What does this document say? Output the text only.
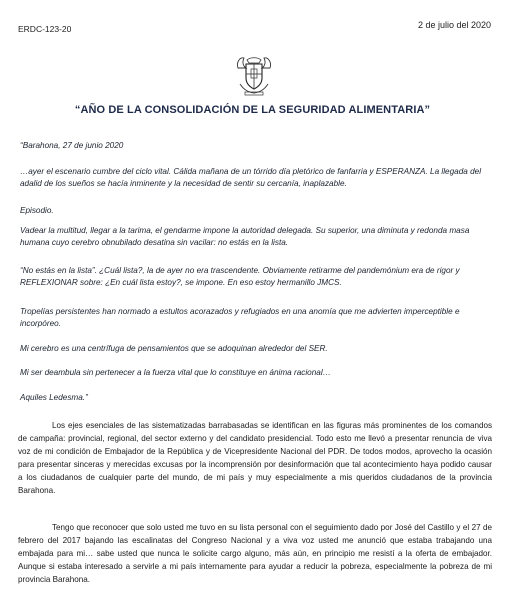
ERDC-123-20	2 de julio del 2020
“AÑO DE LA CONSOLIDACIÓN DE LA SEGURIDAD ALIMENTARIA”

“Barahona, 27 de junio 2020

…ayer el escenario cumbre del ciclo vital. Cálida mañana de un tórrido día pletórico de fanfarria y ESPERANZA. La llegada del adalid de los sueños se hacía inminente y la necesidad de sentir su cercanía, inaplazable.

Episodio.

Vadear la multitud, llegar a la tarima, el gendarme impone la autoridad delegada. Su superior, una diminuta y redonda masa humana cuyo cerebro obnubilado desatina sin vacilar: no estás en la lista.

“No estás en la lista”. ¿Cuál lista?, la de ayer no era trascendente. Obviamente retirarme del pandemónium era de rigor y REFLEXIONAR sobre: ¿En cuál lista estoy?, se impone. En eso estoy hermanillo JMCS.

Tropelías persistentes han normado a estultos acorazados y refugiados en una anomía que me advierten imperceptible e incorpóreo.

Mi cerebro es una centrífuga de pensamientos que se adoquinan alrededor del SER.

Mi ser deambula sin pertenecer a la fuerza vital que lo constituye en ánima racional…

Aquiles Ledesma.”

Los ejes esenciales de las sistematizadas barrabasadas se identifican en las figuras más prominentes de los comandos de campaña: provincial, regional, del sector externo y del candidato presidencial. Todo esto me llevó a presentar renuncia de viva voz de mi condición de Embajador de la República y de Vicepresidente Nacional del PDR. De todos modos, aprovecho la ocasión para presentar sinceras y merecidas excusas por la incomprensión por desinformación que tal acontecimiento haya podido causar a los ciudadanos de cualquier parte del mundo, de mi país y muy especialmente a mis queridos ciudadanos de la provincia Barahona.

Tengo que reconocer que solo usted me tuvo en su lista personal con el seguimiento dado por José del Castillo y el 27 de febrero del 2017 bajando las escalinatas del Congreso Nacional y a viva voz usted me anunció que estaba trabajando una embajada para mi… sabe usted que nunca le solicite cargo alguno, más aún, en principio me resistí a la oferta de embajador. Aunque si estaba interesado a servirle a mi país internamente para ayudar a reducir la pobreza, especialmente la pobreza de mi provincia Barahona.
